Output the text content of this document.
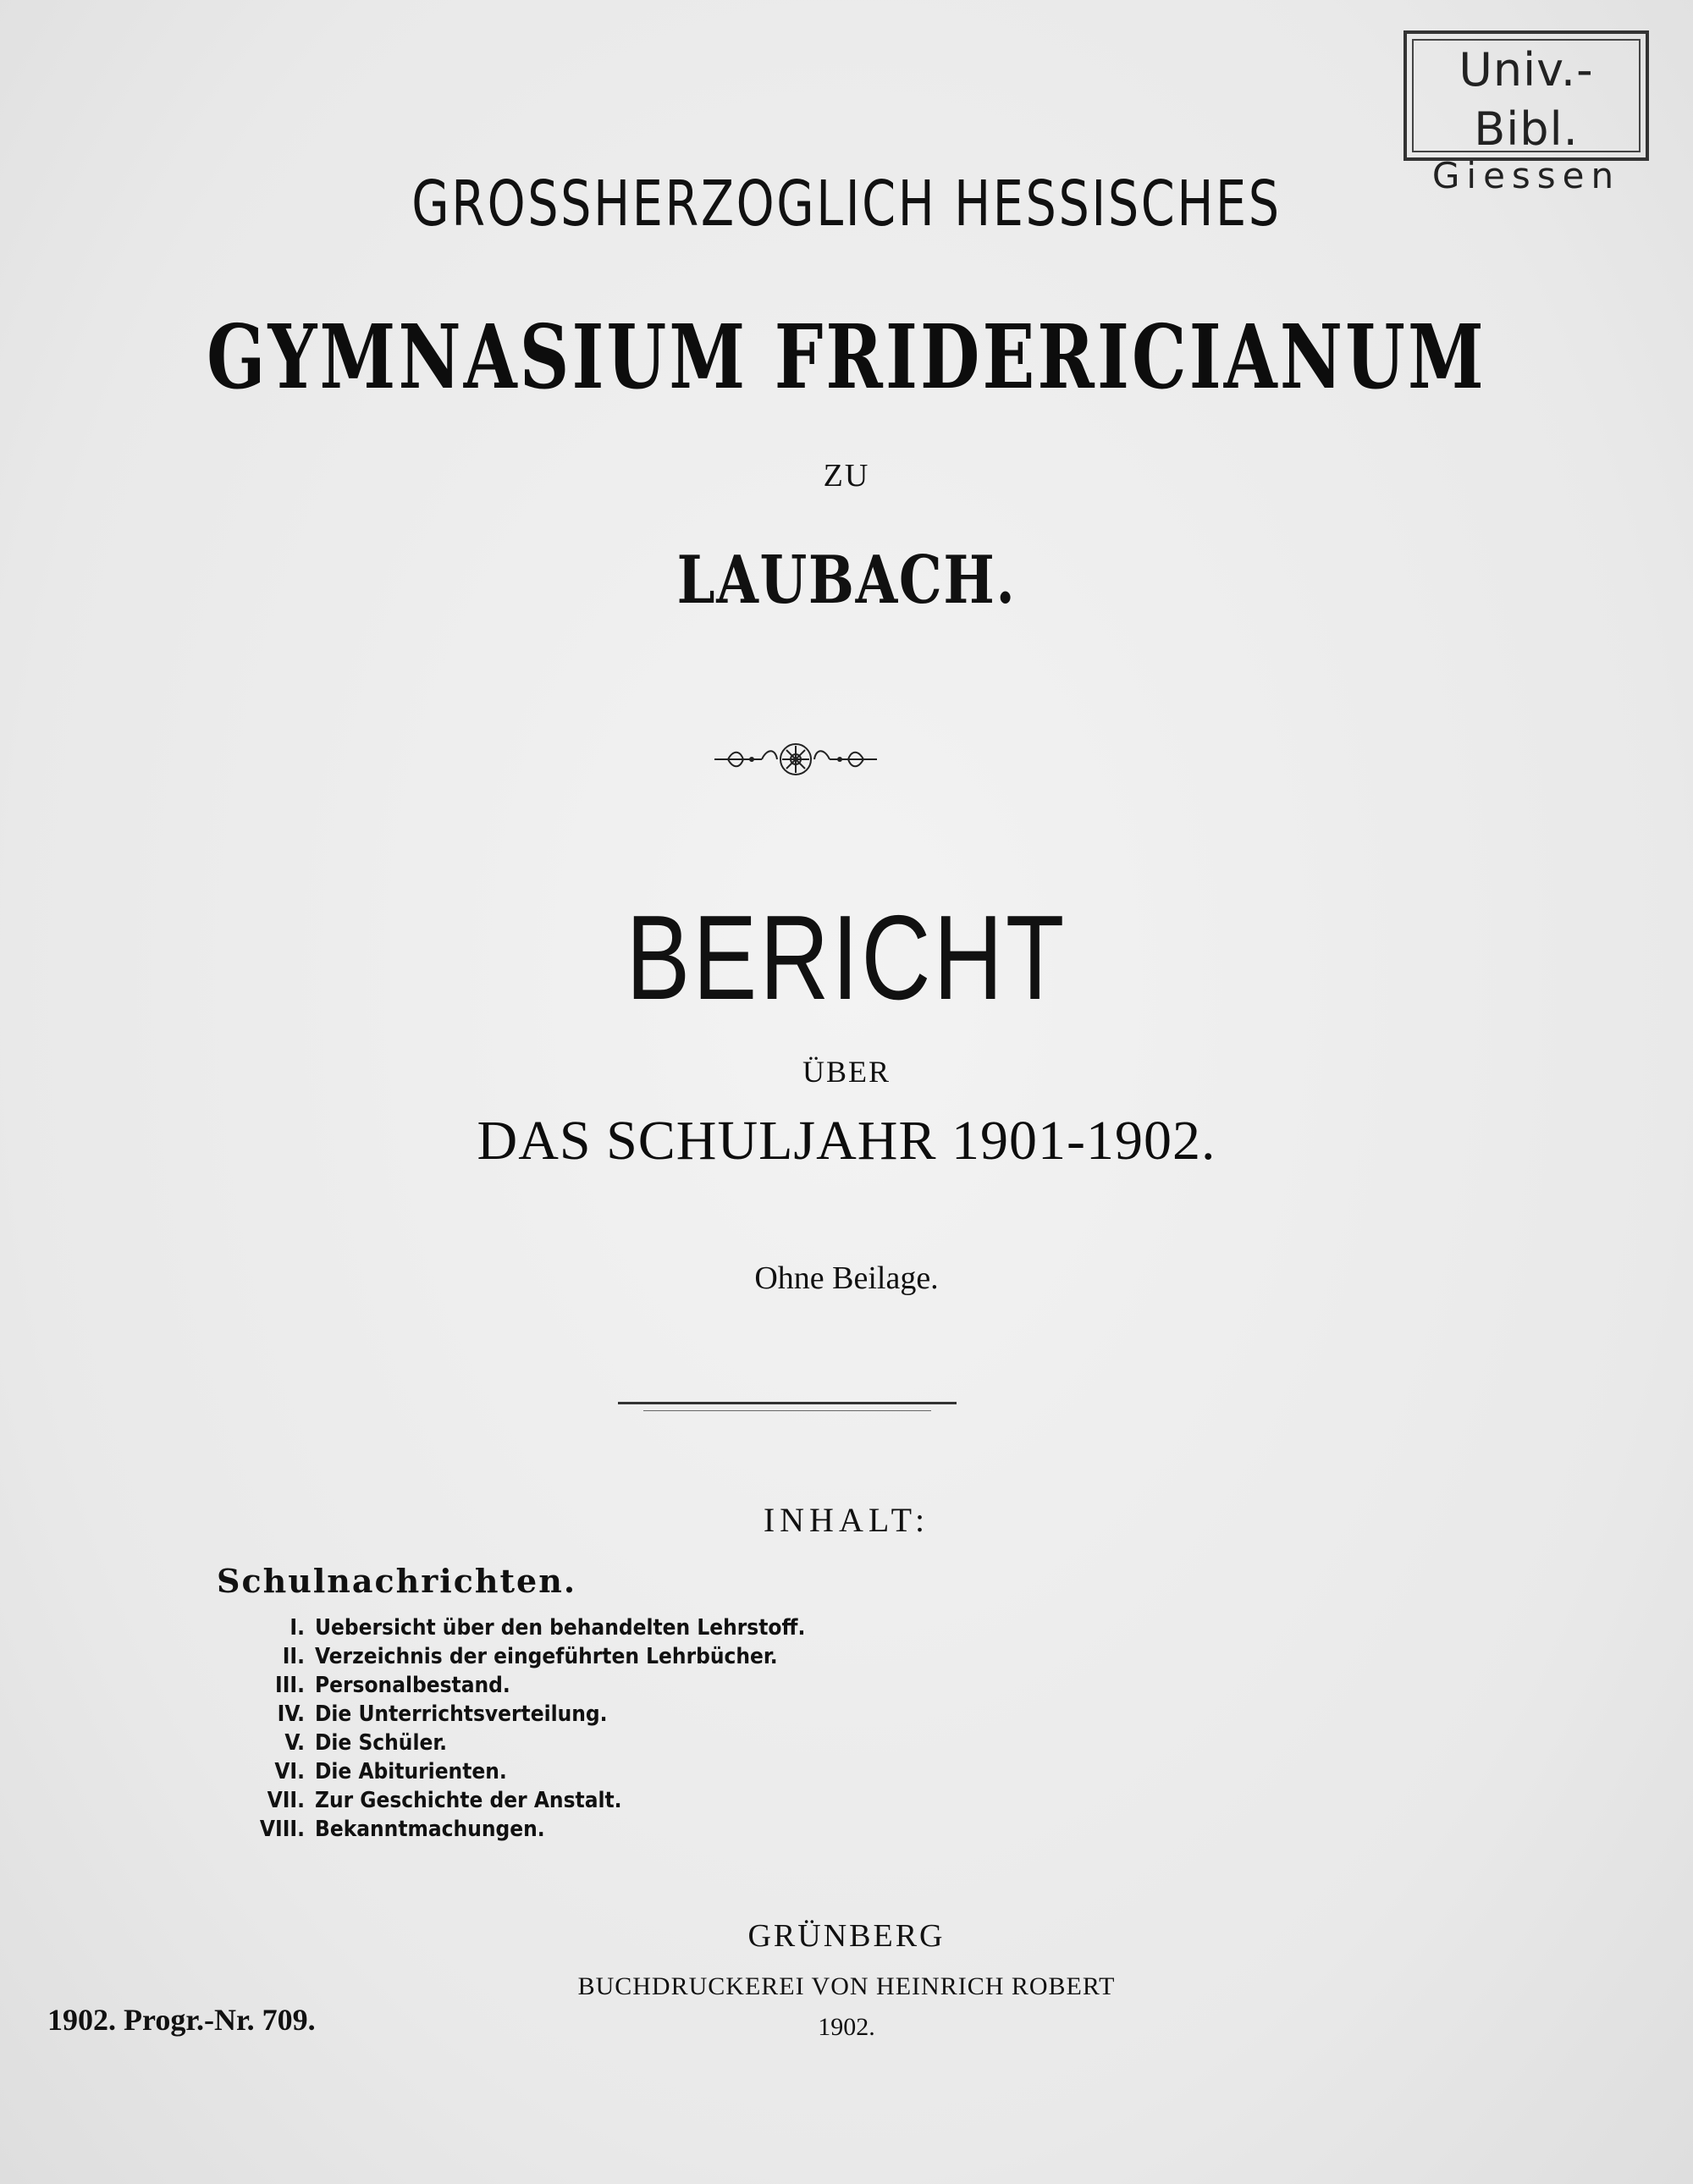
Univ.-Bibl.
Giessen
GROSSHERZOGLICH HESSISCHES
GYMNASIUM FRIDERICIANUM
ZU
LAUBACH.
BERICHT
ÜBER
DAS SCHULJAHR 1901-1902.
Ohne Beilage.
INHALT:
Schulnachrichten.
I. Uebersicht über den behandelten Lehrstoff.
II. Verzeichnis der eingeführten Lehrbücher.
III. Personalbestand.
IV. Die Unterrichtsverteilung.
V. Die Schüler.
VI. Die Abiturienten.
VII. Zur Geschichte der Anstalt.
VIII. Bekanntmachungen.
GRÜNBERG
BUCHDRUCKEREI VON HEINRICH ROBERT
1902.
1902. Progr.-Nr. 709.
